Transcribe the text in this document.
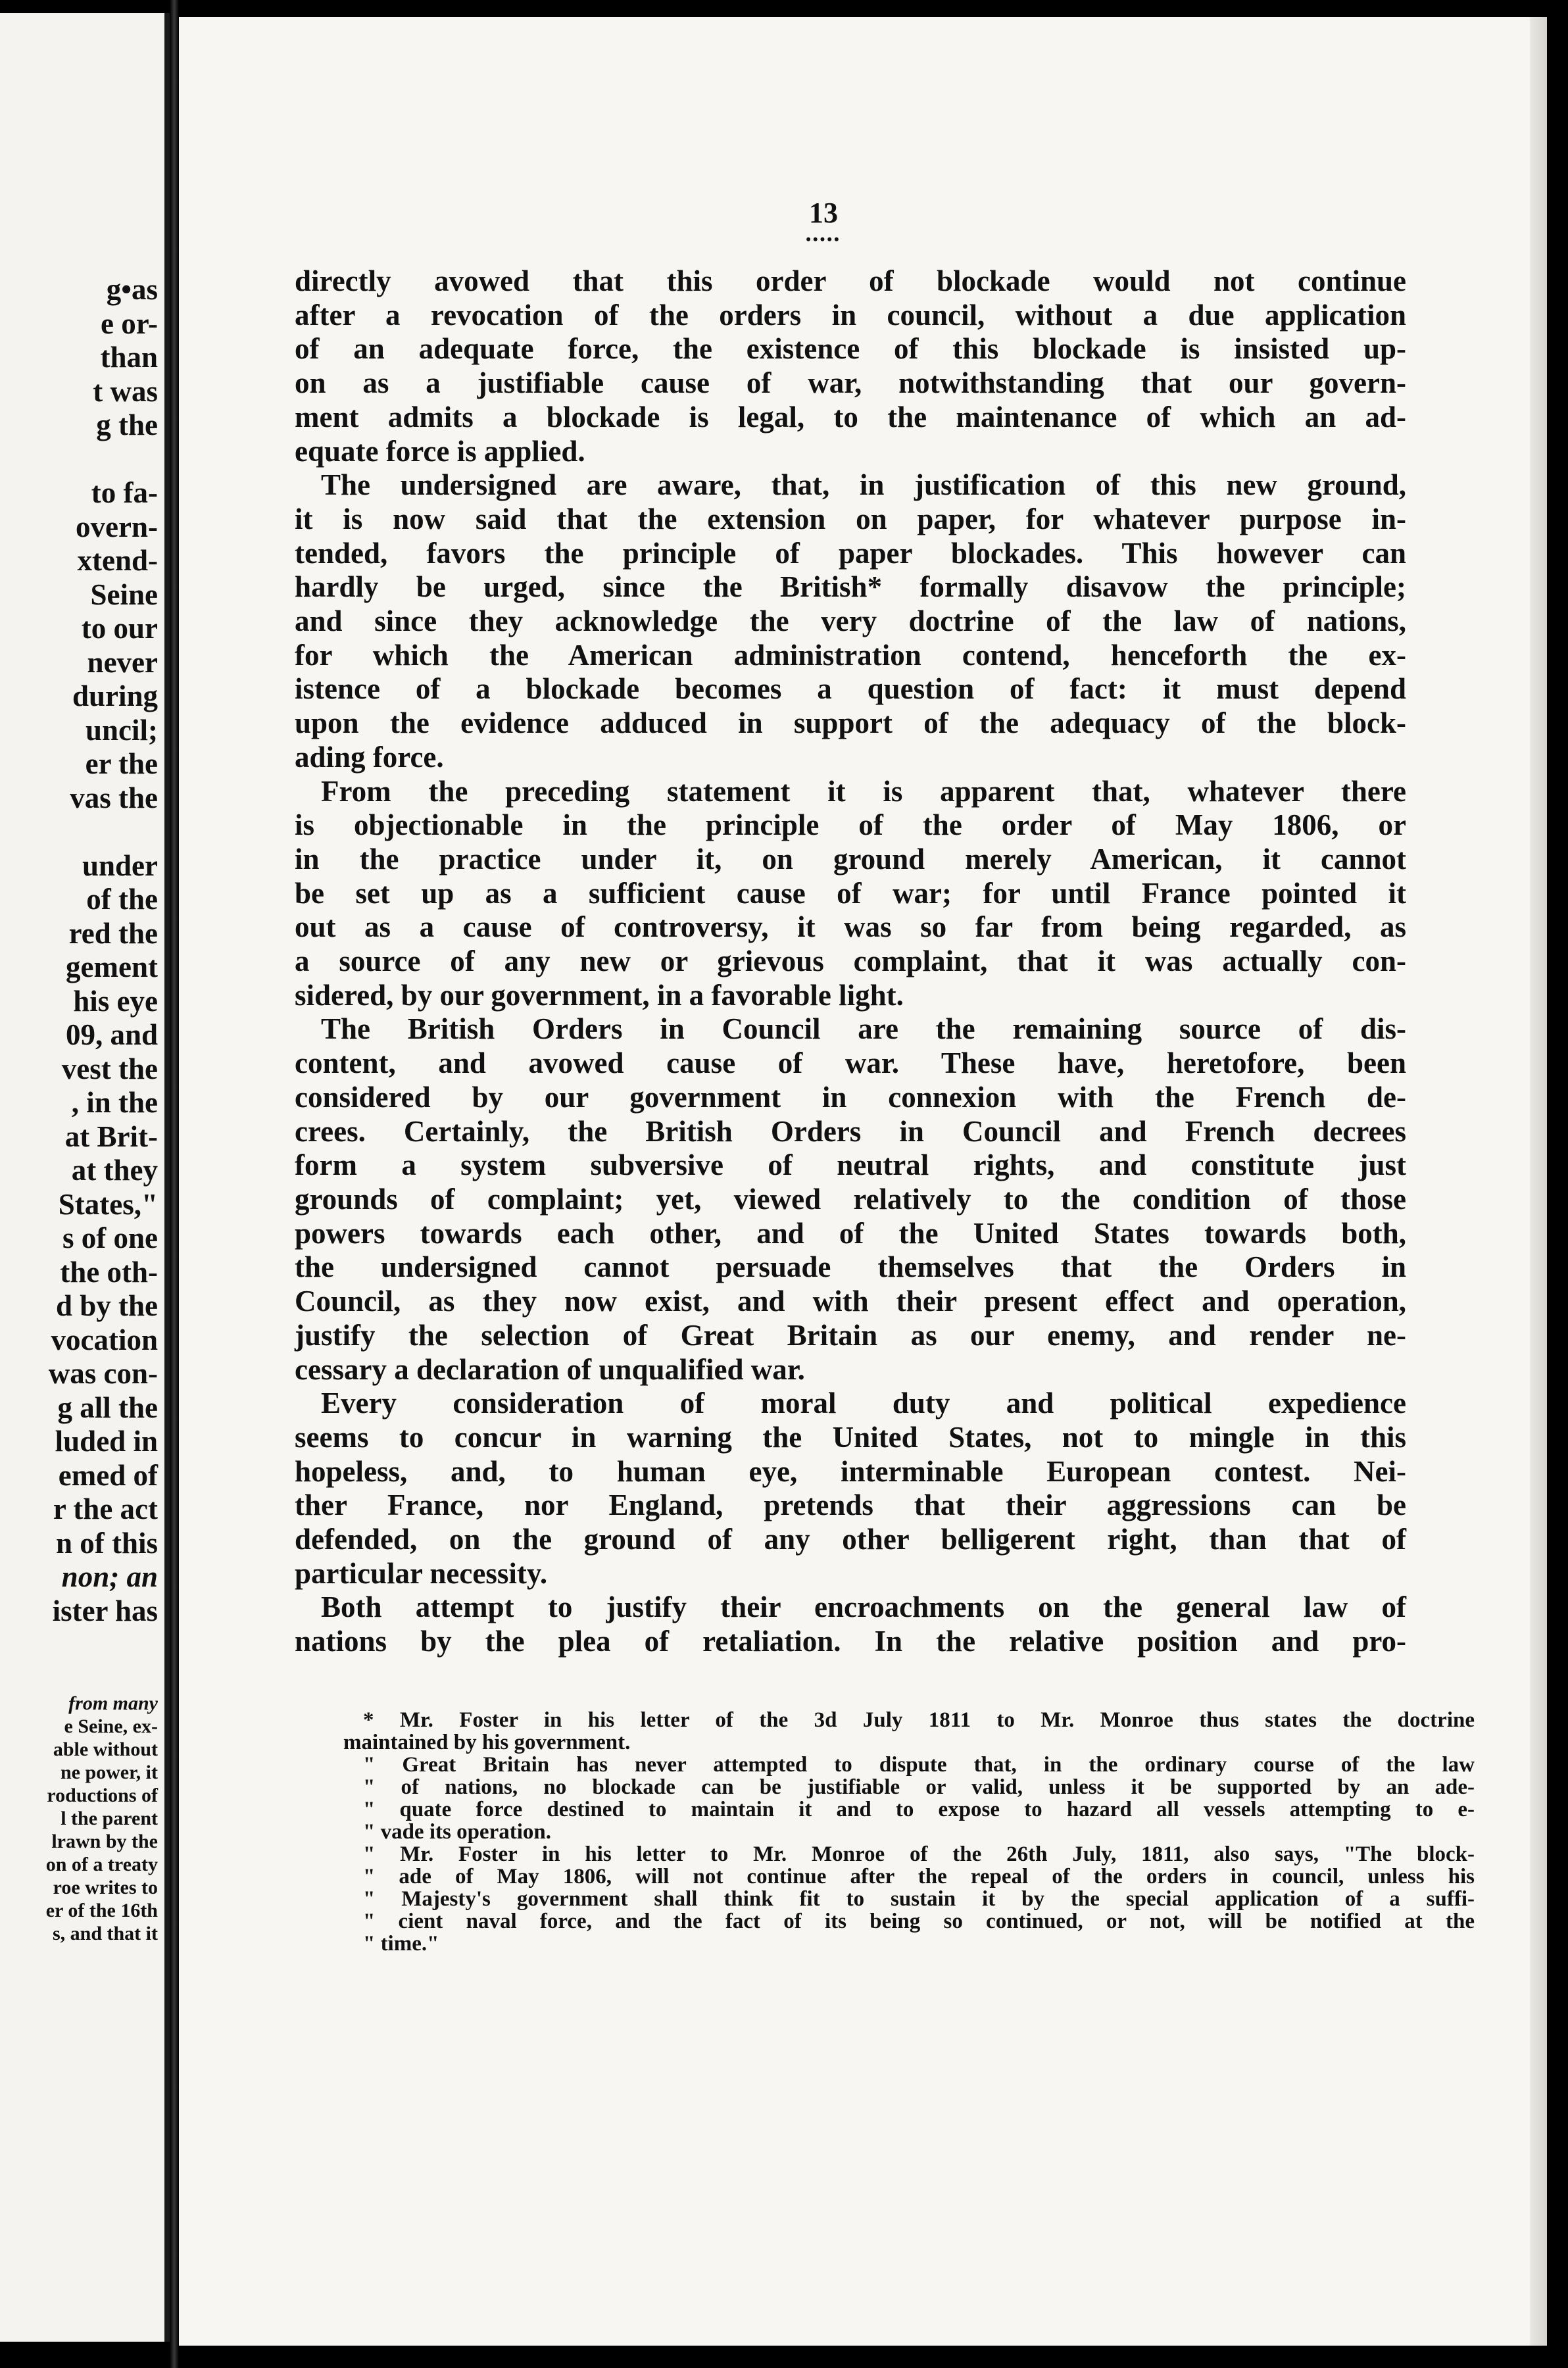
g•as
e or-
than
t was
g the

to fa-
overn-
xtend-
Seine
to our
never
during
uncil;
er the
vas the

under
of the
red the
gement
his eye
09, and
vest the
, in the
at Brit-
at they
States,"
s of one
the oth-
d by the
vocation
was con-
g all the
luded in
emed of
r the act
n of this
non; an
ister has
from many
e Seine, ex-
able without
ne power, it
roductions of
l the parent
lrawn by the
on of a treaty
roe writes to
er of the 16th
s, and that it
13
•••••
directly avowed that this order of blockade would not continue
after a revocation of the orders in council, without a due application
of an adequate force, the existence of this blockade is insisted up-
on as a justifiable cause of war, notwithstanding that our govern-
ment admits a blockade is legal, to the maintenance of which an ad-
equate force is applied.
The undersigned are aware, that, in justification of this new ground,
it is now said that the extension on paper, for whatever purpose in-
tended, favors the principle of paper blockades. This however can
hardly be urged, since the British* formally disavow the principle;
and since they acknowledge the very doctrine of the law of nations,
for which the American administration contend, henceforth the ex-
istence of a blockade becomes a question of fact: it must depend
upon the evidence adduced in support of the adequacy of the block-
ading force.
From the preceding statement it is apparent that, whatever there
is objectionable in the principle of the order of May 1806, or
in the practice under it, on ground merely American, it cannot
be set up as a sufficient cause of war; for until France pointed it
out as a cause of controversy, it was so far from being regarded, as
a source of any new or grievous complaint, that it was actually con-
sidered, by our government, in a favorable light.
The British Orders in Council are the remaining source of dis-
content, and avowed cause of war. These have, heretofore, been
considered by our government in connexion with the French de-
crees. Certainly, the British Orders in Council and French decrees
form a system subversive of neutral rights, and constitute just
grounds of complaint; yet, viewed relatively to the condition of those
powers towards each other, and of the United States towards both,
the undersigned cannot persuade themselves that the Orders in
Council, as they now exist, and with their present effect and operation,
justify the selection of Great Britain as our enemy, and render ne-
cessary a declaration of unqualified war.
Every consideration of moral duty and political expedience
seems to concur in warning the United States, not to mingle in this
hopeless, and, to human eye, interminable European contest. Nei-
ther France, nor England, pretends that their aggressions can be
defended, on the ground of any other belligerent right, than that of
particular necessity.
Both attempt to justify their encroachments on the general law of
nations by the plea of retaliation. In the relative position and pro-
* Mr. Foster in his letter of the 3d July 1811 to Mr. Monroe thus states the doctrine
maintained by his government.
" Great Britain has never attempted to dispute that, in the ordinary course of the law
" of nations, no blockade can be justifiable or valid, unless it be supported by an ade-
" quate force destined to maintain it and to expose to hazard all vessels attempting to e-
" vade its operation.
" Mr. Foster in his letter to Mr. Monroe of the 26th July, 1811, also says, "The block-
" ade of May 1806, will not continue after the repeal of the orders in council, unless his
" Majesty's government shall think fit to sustain it by the special application of a suffi-
" cient naval force, and the fact of its being so continued, or not, will be notified at the
" time."
